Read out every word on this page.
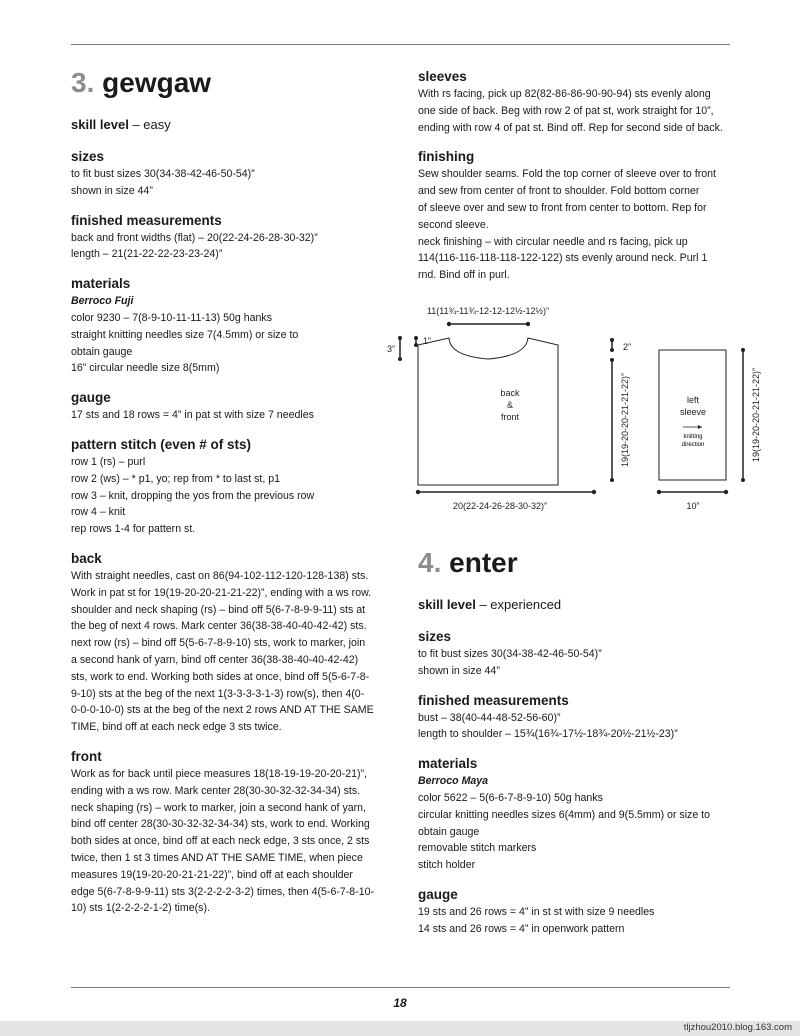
3. gewgaw

skill level – easy

sizes

to fit bust sizes 30(34-38-42-46-50-54)”
shown in size 44”

finished measurements

back and front widths (flat) – 20(22-24-26-28-30-32)”
length – 21(21-22-22-23-23-24)”

materials

Berroco Fuji

color 9230 – 7(8-9-10-11-11-13) 50g hanks
straight knitting needles size 7(4.5mm) or size to
obtain gauge
16” circular needle size 8(5mm)

gauge

17 sts and 18 rows = 4” in pat st with size 7 needles

pattern stitch (even # of sts)

row 1 (rs) – purl
row 2 (ws) – * p1, yo; rep from * to last st, p1
row 3 – knit, dropping the yos from the previous row
row 4 – knit
rep rows 1-4 for pattern st.

back

With straight needles, cast on 86(94-102-112-120-128-138) sts.
Work in pat st for 19(19-20-20-21-21-22)”, ending with a ws row.
shoulder and neck shaping (rs) – bind off 5(6-7-8-9-9-11) sts at
the beg of next 4 rows. Mark center 36(38-38-40-40-42-42) sts.
next row (rs) – bind off 5(5-6-7-8-9-10) sts, work to marker, join
a second hank of yarn, bind off center 36(38-38-40-40-42-42)
sts, work to end. Working both sides at once, bind off 5(5-6-7-8-
9-10) sts at the beg of the next 1(3-3-3-3-1-3) row(s), then 4(0-
0-0-0-10-0) sts at the beg of the next 2 rows AND AT THE SAME
TIME, bind off at each neck edge 3 sts twice.

front

Work as for back until piece measures 18(18-19-19-20-20-21)”,
ending with a ws row. Mark center 28(30-30-32-32-34-34) sts.
neck shaping (rs) – work to marker, join a second hank of yarn,
bind off center 28(30-30-32-32-34-34) sts, work to end. Working
both sides at once, bind off at each neck edge, 3 sts once, 2 sts
twice, then 1 st 3 times AND AT THE SAME TIME, when piece
measures 19(19-20-20-21-21-22)”, bind off at each shoulder
edge 5(6-7-8-9-9-11) sts 3(2-2-2-2-3-2) times, then 4(5-6-7-8-10-
10) sts 1(2-2-2-2-1-2) time(s).

sleeves

With rs facing, pick up 82(82-86-86-90-90-94) sts evenly along
one side of back. Beg with row 2 of pat st, work straight for 10”,
ending with row 4 of pat st. Bind off. Rep for second side of back.

finishing

Sew shoulder seams. Fold the top corner of sleeve over to front
and sew from center of front to shoulder. Fold bottom corner
of sleeve over and sew to front from center to bottom. Rep for
second sleeve.
neck finishing – with circular needle and rs facing, pick up
114(116-116-118-118-122-122) sts evenly around neck. Purl 1
rnd. Bind off in purl.

11(11¾-11¾-12-12-12½-12½)”
1”
3”
back
&
front
2”
19(19-20-20-21-21-22)”
20(22-24-26-28-30-32)”
left
sleeve
knitting
direction
10”
19(19-20-20-21-21-22)”
4. enter

skill level – experienced

sizes

to fit bust sizes 30(34-38-42-46-50-54)”
shown in size 44”

finished measurements

bust – 38(40-44-48-52-56-60)”
length to shoulder – 15¾(16¾-17½-18¾-20½-21½-23)”

materials

Berroco Maya

color 5622 – 5(6-6-7-8-9-10) 50g hanks
circular knitting needles sizes 6(4mm) and 9(5.5mm) or size to
obtain gauge
removable stitch markers
stitch holder

gauge

19 sts and 26 rows = 4” in st st with size 9 needles
14 sts and 26 rows = 4” in openwork pattern

18
tljzhou2010.blog.163.com
